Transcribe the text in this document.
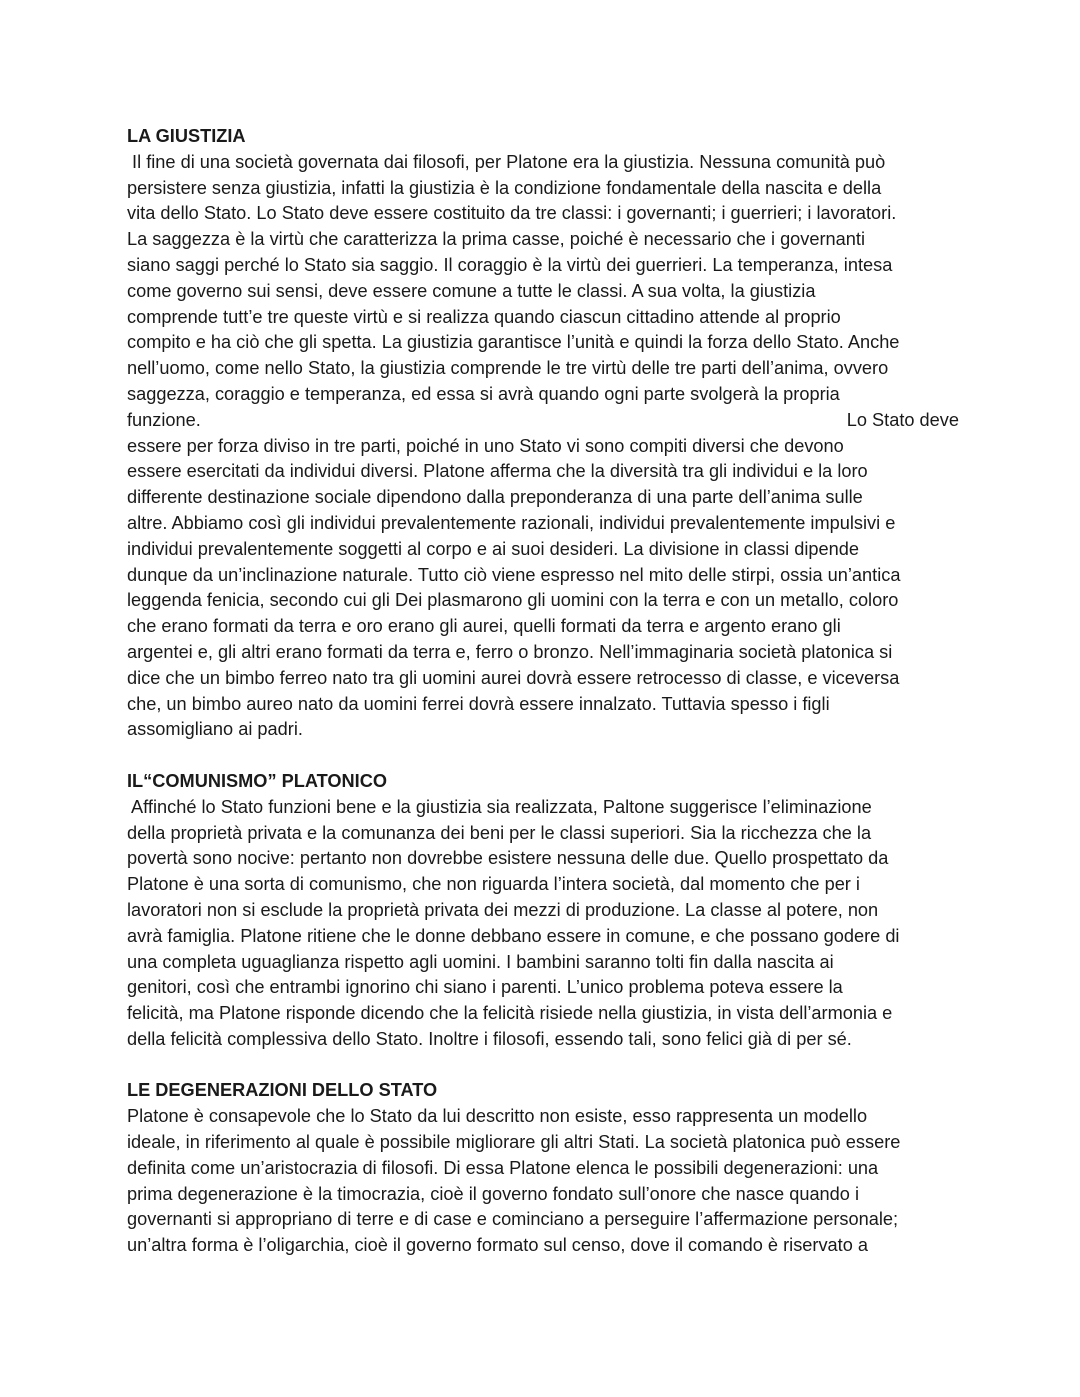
LA GIUSTIZIA
Il fine di una società governata dai filosofi, per Platone era la giustizia. Nessuna comunità può
persistere senza giustizia, infatti la giustizia è la condizione fondamentale della nascita e della
vita dello Stato. Lo Stato deve essere costituito da tre classi: i governanti; i guerrieri; i lavoratori.
La saggezza è la virtù che caratterizza la prima casse, poiché è necessario che i governanti
siano saggi perché lo Stato sia saggio. Il coraggio è la virtù dei guerrieri. La temperanza, intesa
come governo sui sensi, deve essere comune a tutte le classi. A sua volta, la giustizia
comprende tutt’e tre queste virtù e si realizza quando ciascun cittadino attende al proprio
compito e ha ciò che gli spetta. La giustizia garantisce l’unità e quindi la forza dello Stato. Anche
nell’uomo, come nello Stato, la giustizia comprende le tre virtù delle tre parti dell’anima, ovvero
saggezza, coraggio e temperanza, ed essa si avrà quando ogni parte svolgerà la propria
funzione.	Lo Stato deve
essere per forza diviso in tre parti, poiché in uno Stato vi sono compiti diversi che devono
essere esercitati da individui diversi. Platone afferma che la diversità tra gli individui e la loro
differente destinazione sociale dipendono dalla preponderanza di una parte dell’anima sulle
altre. Abbiamo così gli individui prevalentemente razionali, individui prevalentemente impulsivi e
individui prevalentemente soggetti al corpo e ai suoi desideri. La divisione in classi dipende
dunque da un’inclinazione naturale. Tutto ciò viene espresso nel mito delle stirpi, ossia un’antica
leggenda fenicia, secondo cui gli Dei plasmarono gli uomini con la terra e con un metallo, coloro
che erano formati da terra e oro erano gli aurei, quelli formati da terra e argento erano gli
argentei e, gli altri erano formati da terra e, ferro o bronzo. Nell’immaginaria società platonica si
dice che un bimbo ferreo nato tra gli uomini aurei dovrà essere retrocesso di classe, e viceversa
che, un bimbo aureo nato da uomini ferrei dovrà essere innalzato. Tuttavia spesso i figli
assomigliano ai padri.
IL“COMUNISMO” PLATONICO
Affinché lo Stato funzioni bene e la giustizia sia realizzata, Paltone suggerisce l’eliminazione
della proprietà privata e la comunanza dei beni per le classi superiori. Sia la ricchezza che la
povertà sono nocive: pertanto non dovrebbe esistere nessuna delle due. Quello prospettato da
Platone è una sorta di comunismo, che non riguarda l’intera società, dal momento che per i
lavoratori non si esclude la proprietà privata dei mezzi di produzione. La classe al potere, non
avrà famiglia. Platone ritiene che le donne debbano essere in comune, e che possano godere di
una completa uguaglianza rispetto agli uomini. I bambini saranno tolti fin dalla nascita ai
genitori, così che entrambi ignorino chi siano i parenti. L’unico problema poteva essere la
felicità, ma Platone risponde dicendo che la felicità risiede nella giustizia, in vista dell’armonia e
della felicità complessiva dello Stato. Inoltre i filosofi, essendo tali, sono felici già di per sé.
LE DEGENERAZIONI DELLO STATO
Platone è consapevole che lo Stato da lui descritto non esiste, esso rappresenta un modello
ideale, in riferimento al quale è possibile migliorare gli altri Stati. La società platonica può essere
definita come un’aristocrazia di filosofi. Di essa Platone elenca le possibili degenerazioni: una
prima degenerazione è la timocrazia, cioè il governo fondato sull’onore che nasce quando i
governanti si appropriano di terre e di case e cominciano a perseguire l’affermazione personale;
un’altra forma è l’oligarchia, cioè il governo formato sul censo, dove il comando è riservato a
